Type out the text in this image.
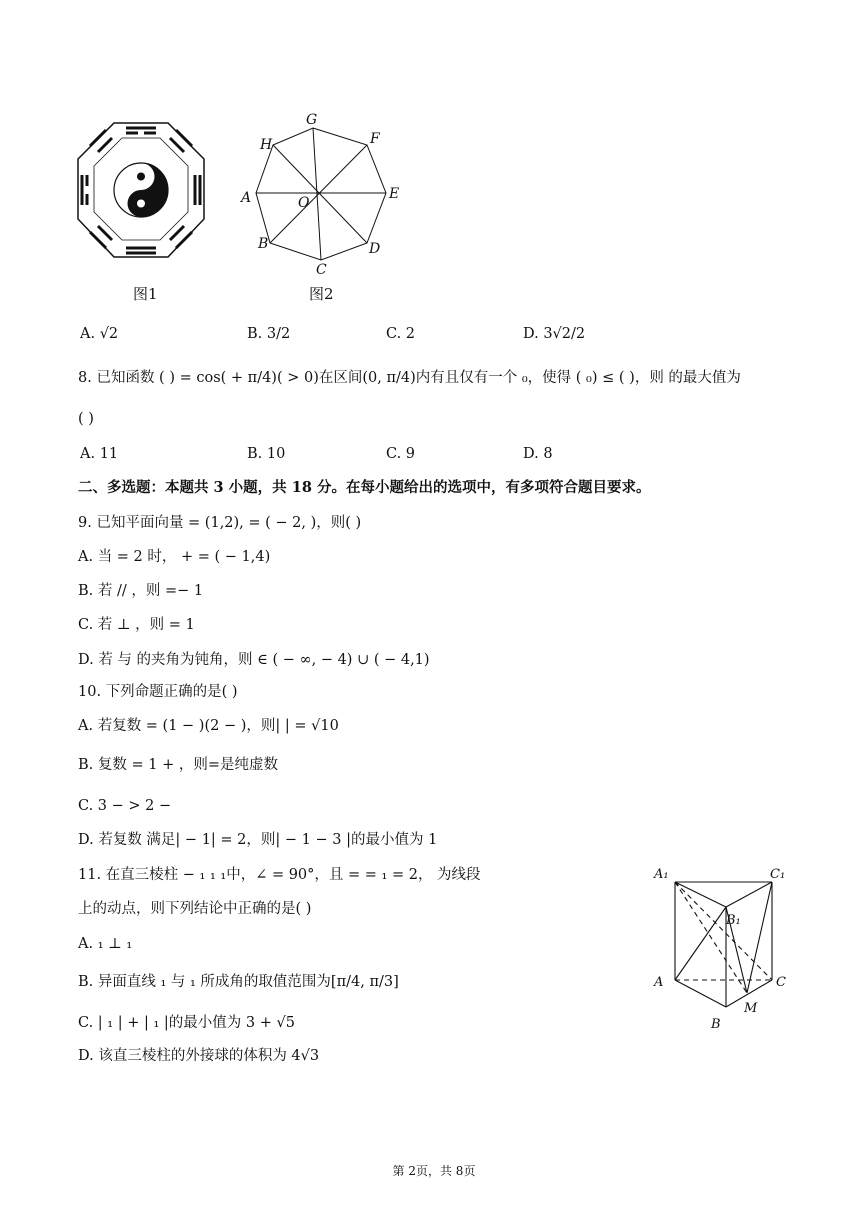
图1
G
F
E
D
C
B
A
H
O
图2
A. √2	B. 3/2	C. 2	D. 3√2/2
8. 已知函数 ( ) = cos( + π/4)( > 0)在区间(0, π/4)内有且仅有一个 ₀，使得 ( ₀) ≤ ( )，则 的最大值为
( )
A. 11	B. 10	C. 9	D. 8
二、多选题：本题共 3 小题，共 18 分。在每小题给出的选项中，有多项符合题目要求。
9. 已知平面向量 = (1,2), = ( − 2, )，则( )
A. 当 = 2 时， + = ( − 1,4)
B. 若 // ，则 =− 1
C. 若 ⊥ ，则 = 1
D. 若 与 的夹角为钝角，则 ∈ ( − ∞, − 4) ∪ ( − 4,1)
10. 下列命题正确的是( )
A. 若复数 = (1 − )(2 − )，则| | = √10
B. 复数 = 1 + ，则=是纯虚数
C. 3 − > 2 −
D. 若复数 满足| − 1| = 2，则| − 1 − 3 |的最小值为 1
11. 在直三棱柱 − ₁ ₁ ₁中，∠ = 90°，且 = = ₁ = 2， 为线段
上的动点，则下列结论中正确的是( )
A. ₁ ⊥ ₁
B. 异面直线 ₁ 与 ₁ 所成角的取值范围为[π/4, π/3]
C. | ₁ | + | ₁ |的最小值为 3 + √5
D. 该直三棱柱的外接球的体积为 4√3
A₁	C₁
B₁
A	C
M
B
第 2页，共 8页
